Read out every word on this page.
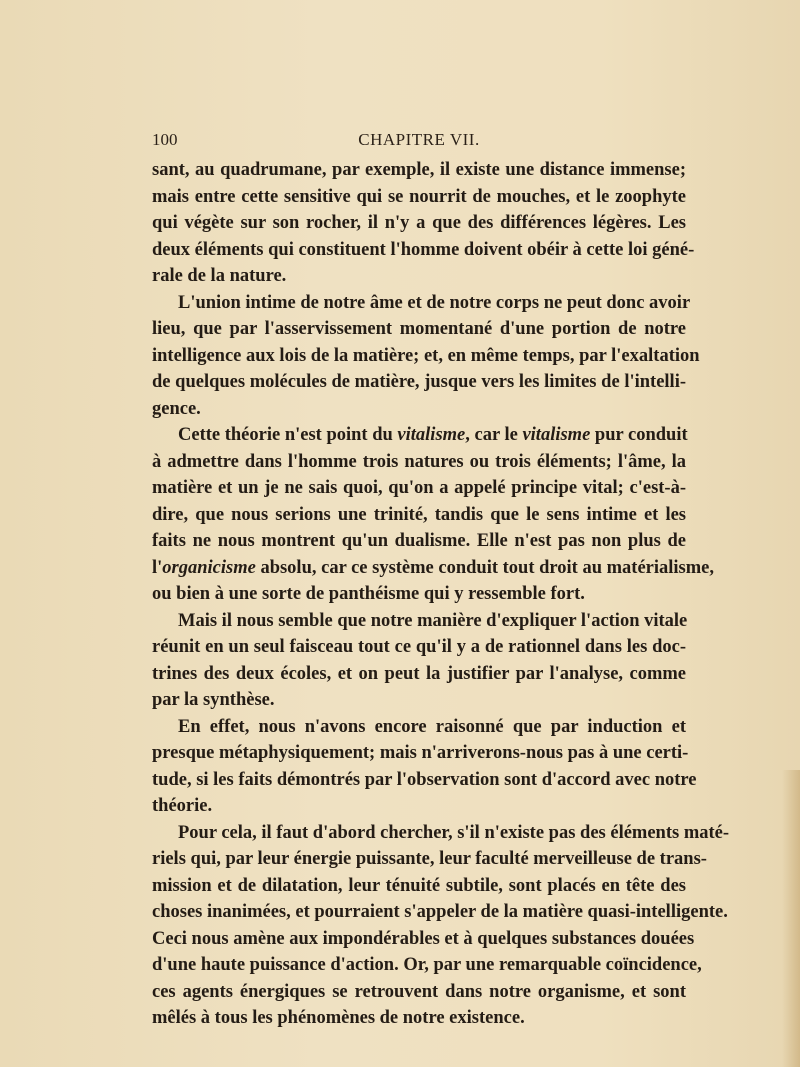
100	CHAPITRE VII.
sant, au quadrumane, par exemple, il existe une distance immense;
mais entre cette sensitive qui se nourrit de mouches, et le zoophyte
qui végète sur son rocher, il n'y a que des différences légères. Les
deux éléments qui constituent l'homme doivent obéir à cette loi géné-
rale de la nature.
L'union intime de notre âme et de notre corps ne peut donc avoir
lieu, que par l'asservissement momentané d'une portion de notre
intelligence aux lois de la matière; et, en même temps, par l'exaltation
de quelques molécules de matière, jusque vers les limites de l'intelli-
gence.
Cette théorie n'est point du vitalisme, car le vitalisme pur conduit
à admettre dans l'homme trois natures ou trois éléments; l'âme, la
matière et un je ne sais quoi, qu'on a appelé principe vital; c'est-à-
dire, que nous serions une trinité, tandis que le sens intime et les
faits ne nous montrent qu'un dualisme. Elle n'est pas non plus de
l'organicisme absolu, car ce système conduit tout droit au matérialisme,
ou bien à une sorte de panthéisme qui y ressemble fort.
Mais il nous semble que notre manière d'expliquer l'action vitale
réunit en un seul faisceau tout ce qu'il y a de rationnel dans les doc-
trines des deux écoles, et on peut la justifier par l'analyse, comme
par la synthèse.
En effet, nous n'avons encore raisonné que par induction et
presque métaphysiquement; mais n'arriverons-nous pas à une certi-
tude, si les faits démontrés par l'observation sont d'accord avec notre
théorie.
Pour cela, il faut d'abord chercher, s'il n'existe pas des éléments maté-
riels qui, par leur énergie puissante, leur faculté merveilleuse de trans-
mission et de dilatation, leur ténuité subtile, sont placés en tête des
choses inanimées, et pourraient s'appeler de la matière quasi-intelligente.
Ceci nous amène aux impondérables et à quelques substances douées
d'une haute puissance d'action. Or, par une remarquable coïncidence,
ces agents énergiques se retrouvent dans notre organisme, et sont
mêlés à tous les phénomènes de notre existence.
